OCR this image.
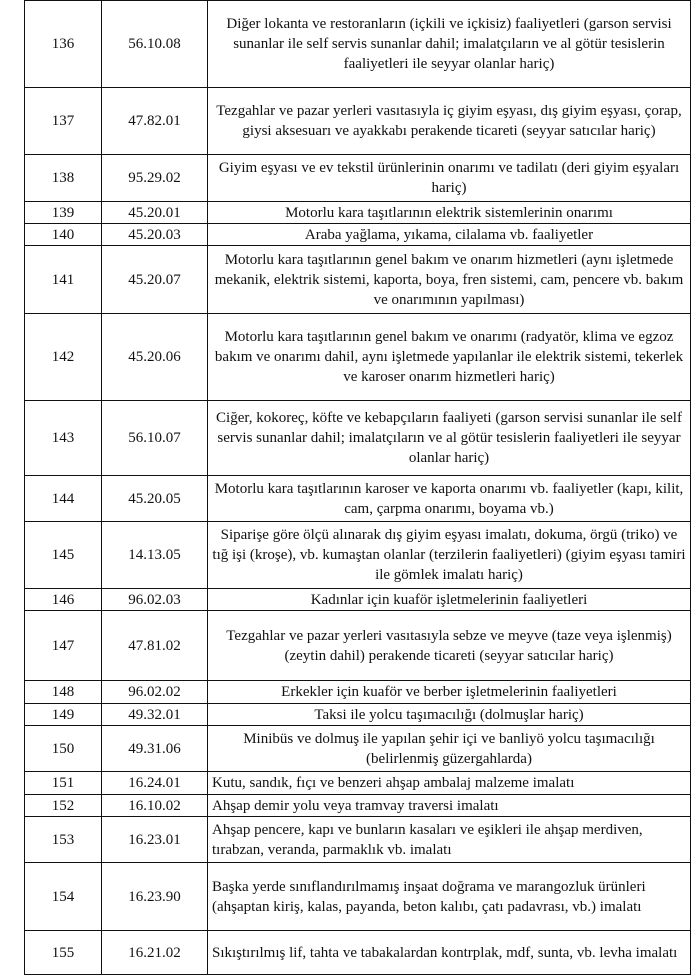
136	56.10.08	Diğer lokanta ve restoranların (içkili ve içkisiz) faaliyetleri (garson servisi sunanlar ile self servis sunanlar dahil; imalatçıların ve al götür tesislerin faaliyetleri ile seyyar olanlar hariç)
137	47.82.01	Tezgahlar ve pazar yerleri vasıtasıyla iç giyim eşyası, dış giyim eşyası, çorap, giysi aksesuarı ve ayakkabı perakende ticareti (seyyar satıcılar hariç)
138	95.29.02	Giyim eşyası ve ev tekstil ürünlerinin onarımı ve tadilatı (deri giyim eşyaları hariç)
139	45.20.01	Motorlu kara taşıtlarının elektrik sistemlerinin onarımı
140	45.20.03	Araba yağlama, yıkama, cilalama vb. faaliyetler
141	45.20.07	Motorlu kara taşıtlarının genel bakım ve onarım hizmetleri (aynı işletmede mekanik, elektrik sistemi, kaporta, boya, fren sistemi, cam, pencere vb. bakım ve onarımının yapılması)
142	45.20.06	Motorlu kara taşıtlarının genel bakım ve onarımı (radyatör, klima ve egzoz bakım ve onarımı dahil, aynı işletmede yapılanlar ile elektrik sistemi, tekerlek ve karoser onarım hizmetleri hariç)
143	56.10.07	Ciğer, kokoreç, köfte ve kebapçıların faaliyeti (garson servisi sunanlar ile self servis sunanlar dahil; imalatçıların ve al götür tesislerin faaliyetleri ile seyyar olanlar hariç)
144	45.20.05	Motorlu kara taşıtlarının karoser ve kaporta onarımı vb. faaliyetler (kapı, kilit, cam, çarpma onarımı, boyama vb.)
145	14.13.05	Siparişe göre ölçü alınarak dış giyim eşyası imalatı, dokuma, örgü (triko) ve tığ işi (kroşe), vb. kumaştan olanlar (terzilerin faaliyetleri) (giyim eşyası tamiri ile gömlek imalatı hariç)
146	96.02.03	Kadınlar için kuaför işletmelerinin faaliyetleri
147	47.81.02	Tezgahlar ve pazar yerleri vasıtasıyla sebze ve meyve (taze veya işlenmiş) (zeytin dahil) perakende ticareti (seyyar satıcılar hariç)
148	96.02.02	Erkekler için kuaför ve berber işletmelerinin faaliyetleri
149	49.32.01	Taksi ile yolcu taşımacılığı (dolmuşlar hariç)
150	49.31.06	Minibüs ve dolmuş ile yapılan şehir içi ve banliyö yolcu taşımacılığı (belirlenmiş güzergahlarda)
151	16.24.01	Kutu, sandık, fıçı ve benzeri ahşap ambalaj malzeme imalatı
152	16.10.02	Ahşap demir yolu veya tramvay traversi imalatı
153	16.23.01	Ahşap pencere, kapı ve bunların kasaları ve eşikleri ile ahşap merdiven, tırabzan, veranda, parmaklık vb. imalatı
154	16.23.90	Başka yerde sınıflandırılmamış inşaat doğrama ve marangozluk ürünleri (ahşaptan kiriş, kalas, payanda, beton kalıbı, çatı padavrası, vb.) imalatı
155	16.21.02	Sıkıştırılmış lif, tahta ve tabakalardan kontrplak, mdf, sunta, vb. levha imalatı
